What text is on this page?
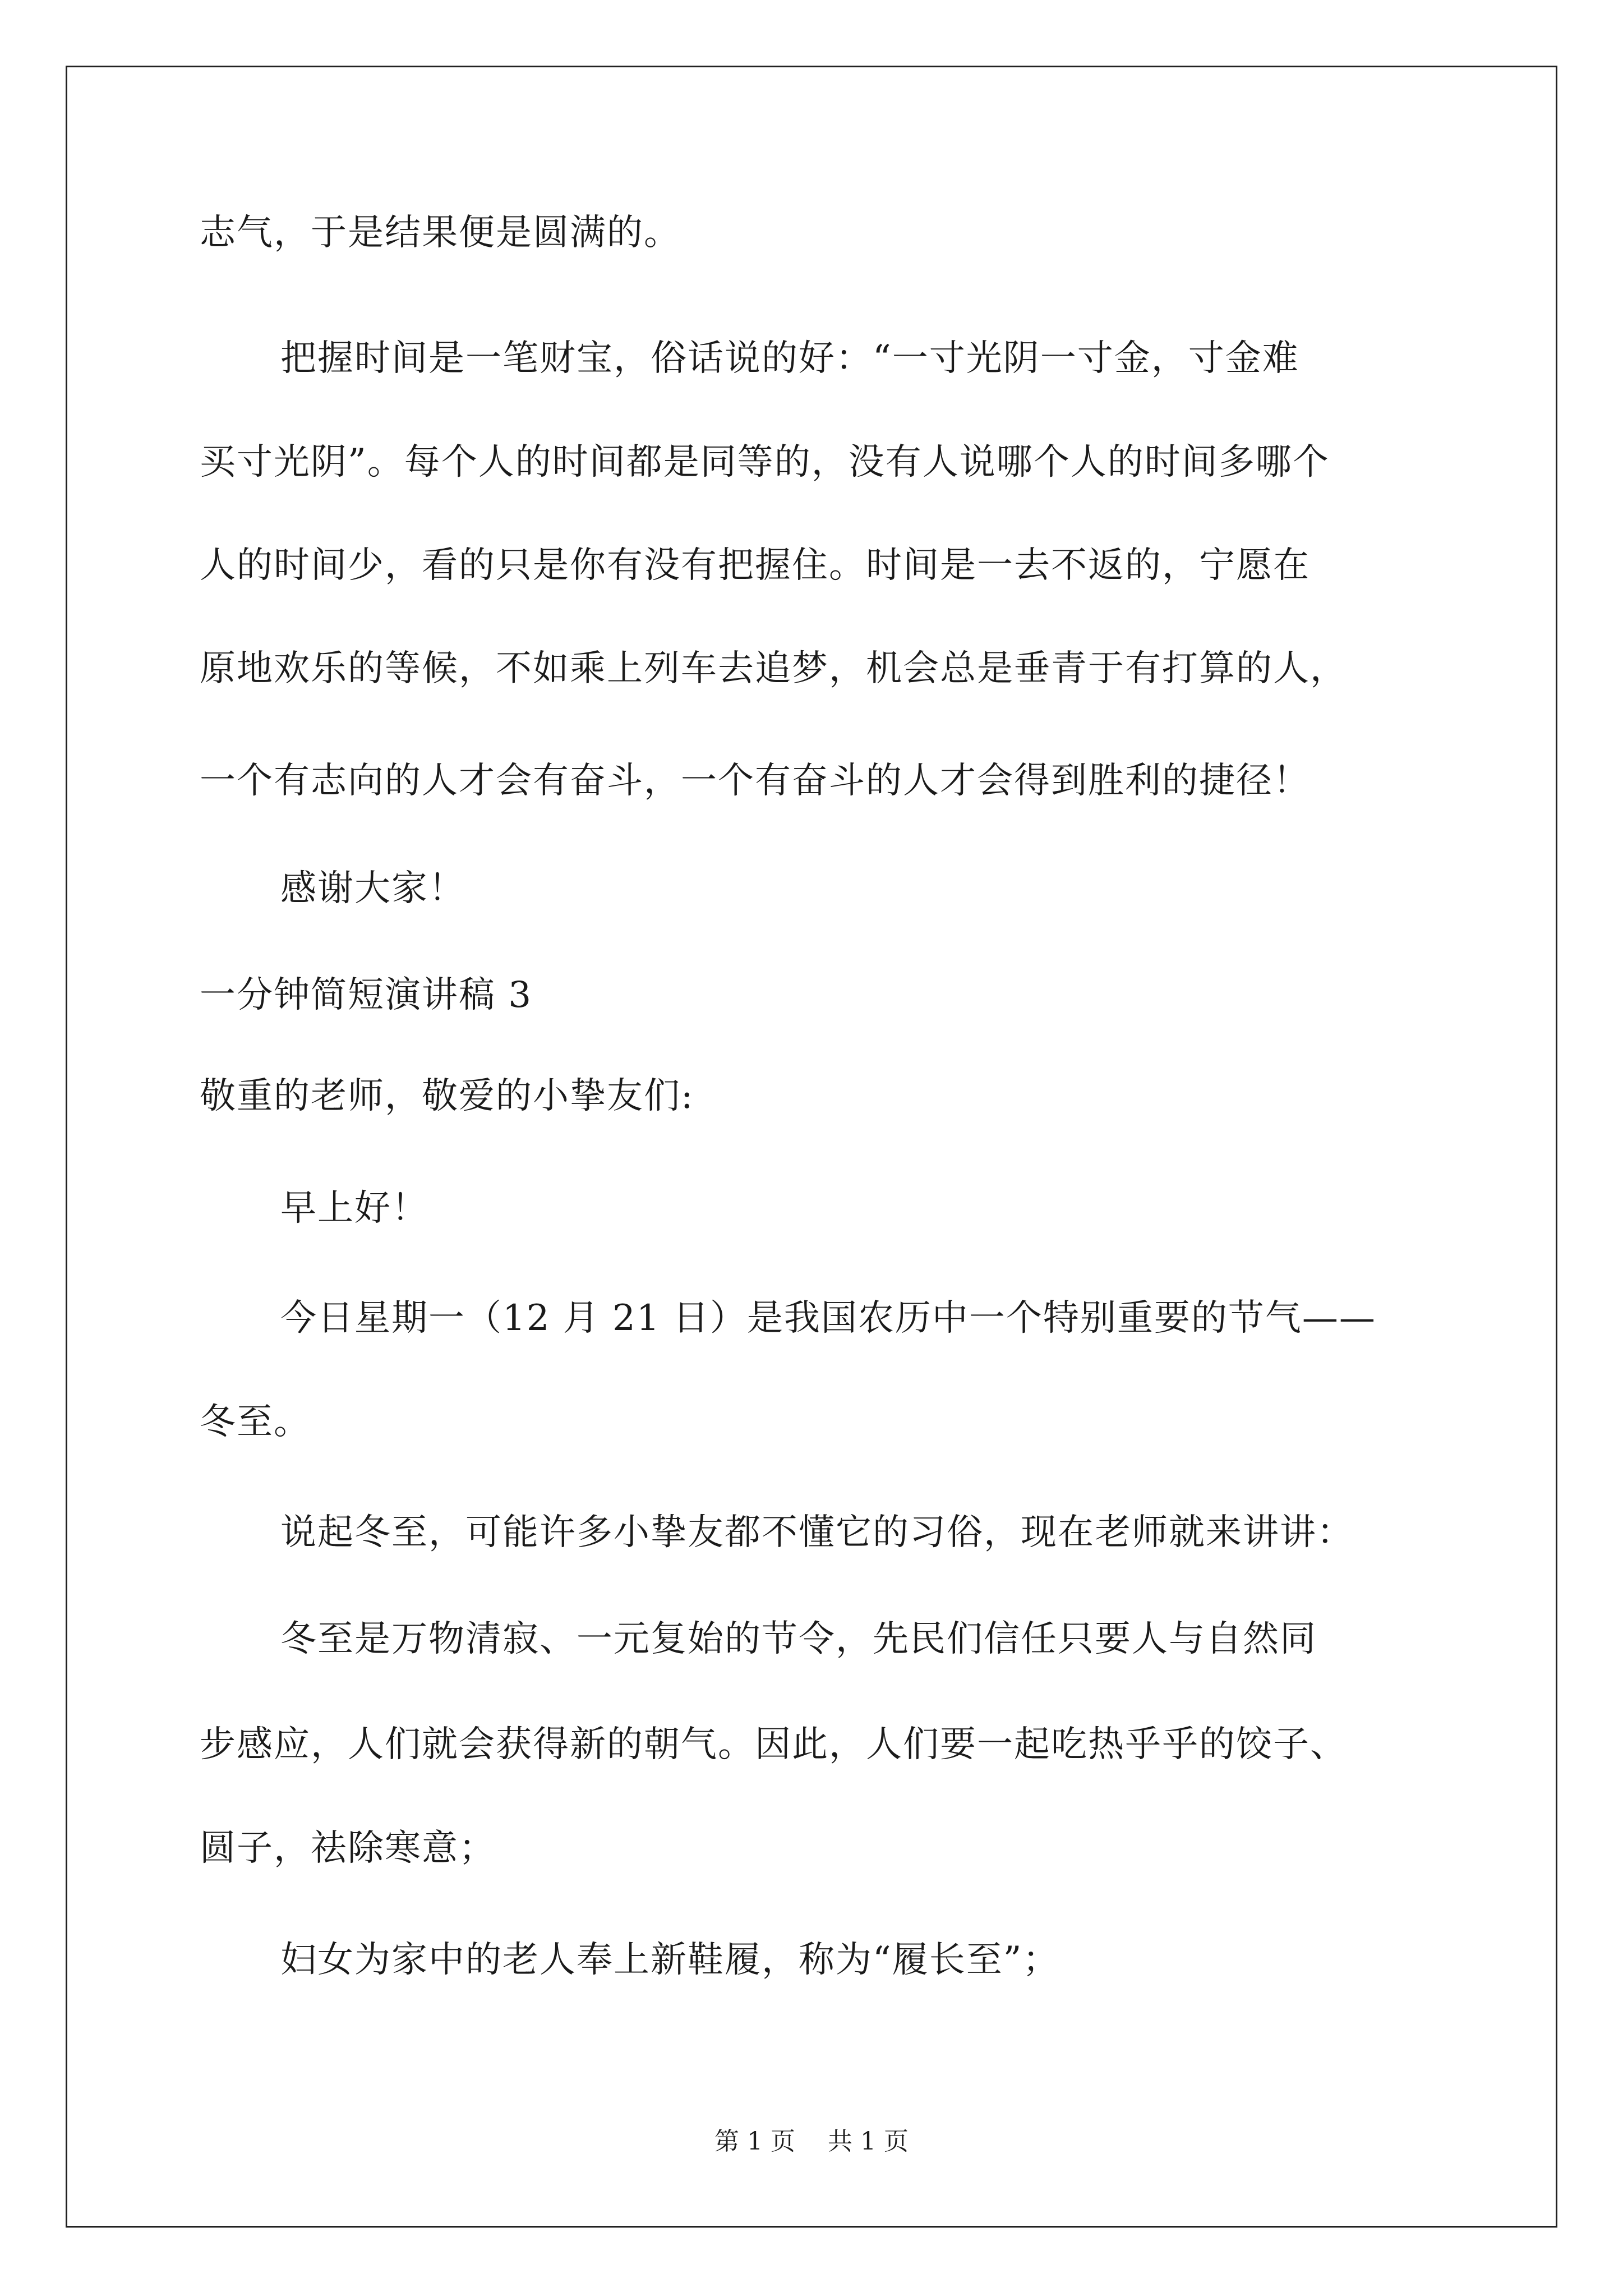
志气，于是结果便是圆满的。
把握时间是一笔财宝，俗话说的好：“一寸光阴一寸金，寸金难
买寸光阴”。每个人的时间都是同等的，没有人说哪个人的时间多哪个
人的时间少，看的只是你有没有把握住。时间是一去不返的，宁愿在
原地欢乐的等候，不如乘上列车去追梦，机会总是垂青于有打算的人，
一个有志向的人才会有奋斗，一个有奋斗的人才会得到胜利的捷径！
感谢大家！
一分钟简短演讲稿 3
敬重的老师，敬爱的小挚友们:
早上好！
今日星期一（12 月 21 日）是我国农历中一个特别重要的节气——
冬至。
说起冬至，可能许多小挚友都不懂它的习俗，现在老师就来讲讲：
冬至是万物清寂、一元复始的节令，先民们信任只要人与自然同
步感应，人们就会获得新的朝气。因此，人们要一起吃热乎乎的饺子、
圆子，祛除寒意；
妇女为家中的老人奉上新鞋履，称为“履长至”；
第 1 页 共 1 页
